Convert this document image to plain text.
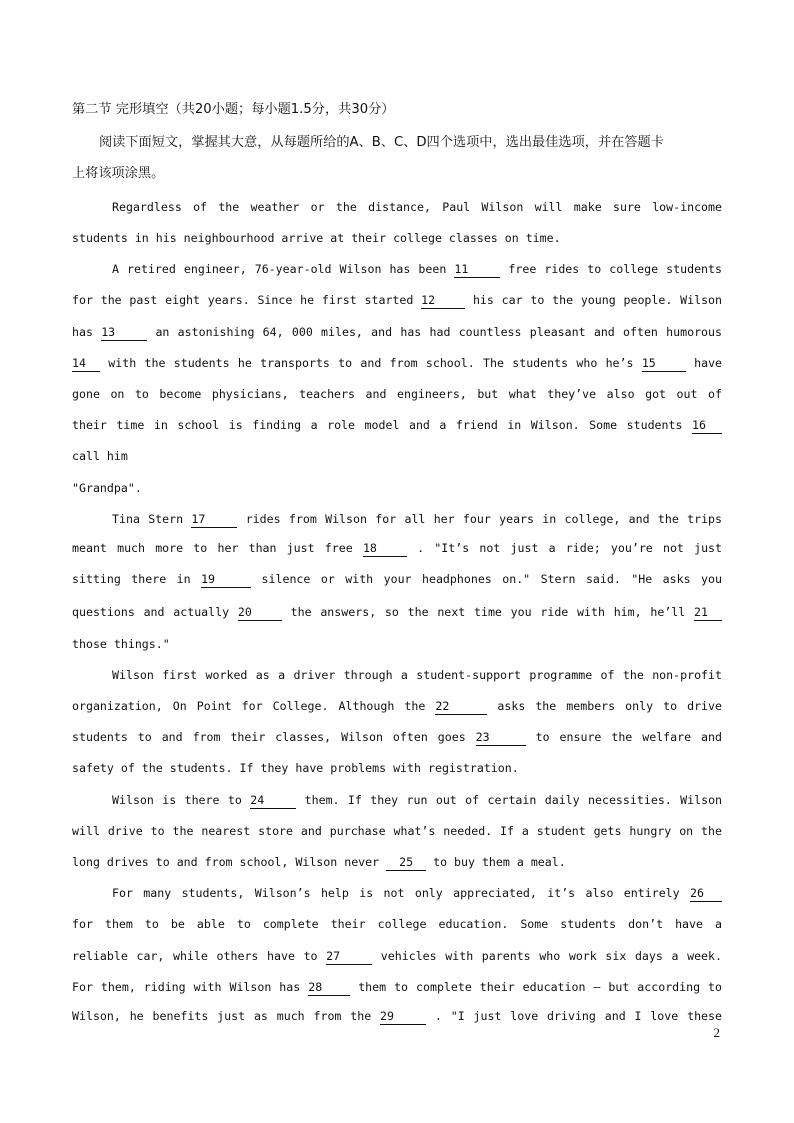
第二节 完形填空（共20小题；每小题1.5分，共30分）
阅读下面短文，掌握其大意，从每题所给的A、B、C、D四个选项中，选出最佳选项，并在答题卡
上将该项涂黑。
Regardless of the weather or the distance, Paul Wilson will make sure low-income
students in his neighbourhood arrive at their college classes on time.
A retired engineer, 76-year-old Wilson has been 11	free rides to college students
for the past eight years. Since he first started 12	his car to the young people. Wilson
has 13	an astonishing 64, 000 miles, and has had countless pleasant and often humorous
14 with the students he transports to and from school. The students who he’s 15	have
gone on to become physicians, teachers and engineers, but what they’ve also got out of
their time in school is finding a role model and a friend in Wilson. Some students 16
call him
"Grandpa".
Tina Stern 17	rides from Wilson for all her four years in college, and the trips
meant much more to her than just free 18	. "It’s not just a ride; you’re not just
sitting there in 19	silence or with your headphones on." Stern said. "He asks you
questions and actually 20	the answers, so the next time you ride with him, he’ll 21
those things."
Wilson first worked as a driver through a student-support programme of the non-profit
organization, On Point for College. Although the 22	asks the members only to drive
students to and from their classes, Wilson often goes 23	to ensure the welfare and
safety of the students. If they have problems with registration.
Wilson is there to 24	them. If they run out of certain daily necessities. Wilson
will drive to the nearest store and purchase what’s needed. If a student gets hungry on the
long drives to and from school, Wilson never 25 to buy them a meal.
For many students, Wilson’s help is not only appreciated, it’s also entirely 26
for them to be able to complete their college education. Some students don’t have a
reliable car, while others have to 27	vehicles with parents who work six days a week.
For them, riding with Wilson has 28	them to complete their education — but according to
Wilson, he benefits just as much from the 29	. "I just love driving and I love these
2
